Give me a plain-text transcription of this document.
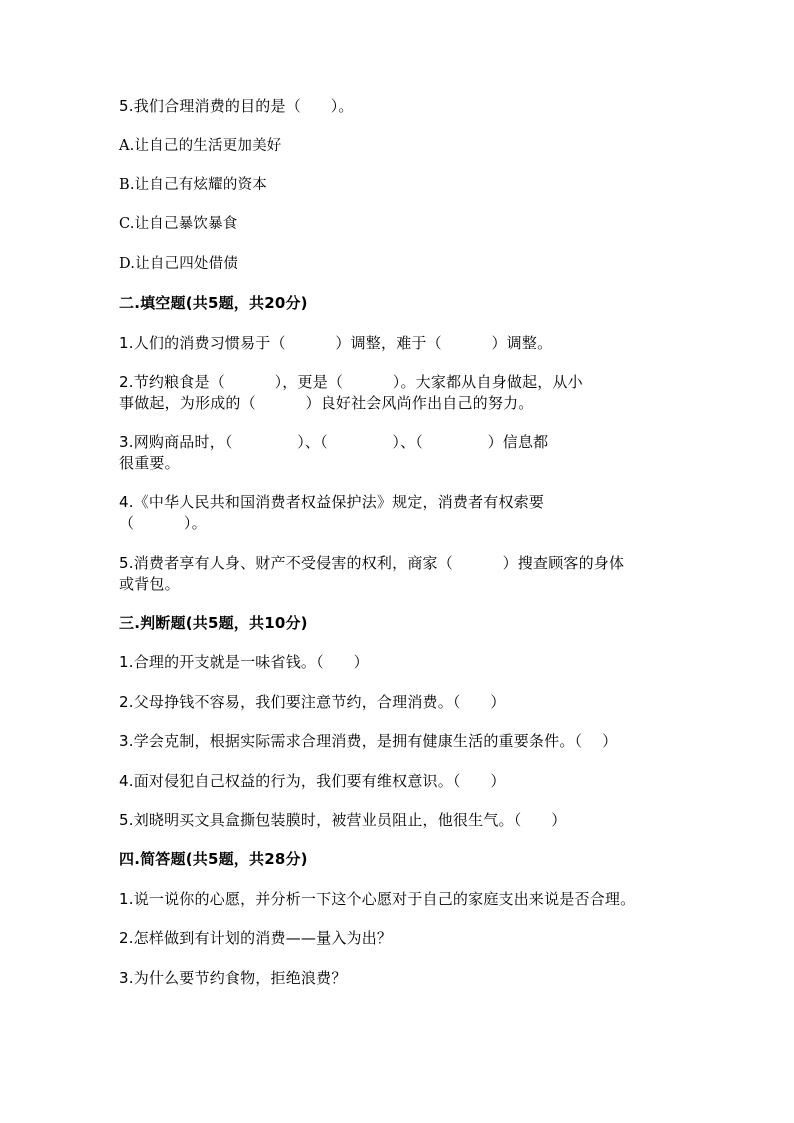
5.我们合理消费的目的是（      ）。
A.让自己的生活更加美好
B.让自己有炫耀的资本
C.让自己暴饮暴食
D.让自己四处借债
二.填空题(共5题，共20分)
1.人们的消费习惯易于（          ）调整，难于（          ）调整。
2.节约粮食是（          ），更是（          ）。大家都从自身做起，从小
事做起，为形成的（          ）良好社会风尚作出自己的努力。
3.网购商品时，（             ）、（             ）、（             ）信息都
很重要。
4.《中华人民共和国消费者权益保护法》规定，消费者有权索要
（          ）。
5.消费者享有人身、财产不受侵害的权利，商家（          ）搜查顾客的身体
或背包。
三.判断题(共5题，共10分)
1.合理的开支就是一味省钱。（      ）
2.父母挣钱不容易，我们要注意节约，合理消费。（      ）
3.学会克制，根据实际需求合理消费，是拥有健康生活的重要条件。（    ）
4.面对侵犯自己权益的行为，我们要有维权意识。（      ）
5.刘晓明买文具盒撕包装膜时，被营业员阻止，他很生气。（      ）
四.简答题(共5题，共28分)
1.说一说你的心愿，并分析一下这个心愿对于自己的家庭支出来说是否合理。
2.怎样做到有计划的消费——量入为出？
3.为什么要节约食物，拒绝浪费？
